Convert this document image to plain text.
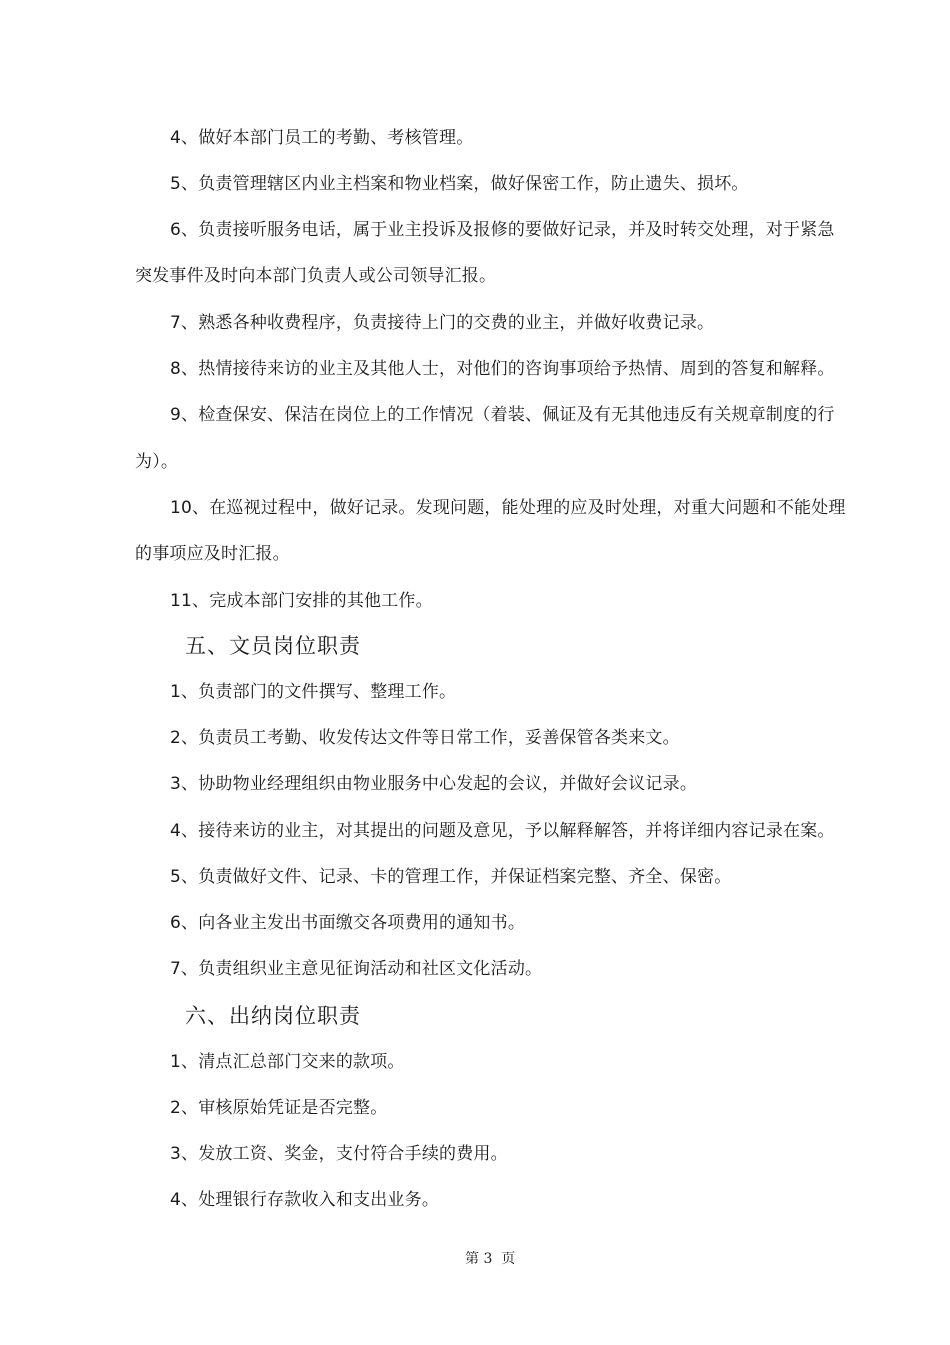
4、做好本部门员工的考勤、考核管理。
5、负责管理辖区内业主档案和物业档案，做好保密工作，防止遗失、损坏。
6、负责接听服务电话，属于业主投诉及报修的要做好记录，并及时转交处理，对于紧急
突发事件及时向本部门负责人或公司领导汇报。
7、熟悉各种收费程序，负责接待上门的交费的业主，并做好收费记录。
8、热情接待来访的业主及其他人士，对他们的咨询事项给予热情、周到的答复和解释。
9、检查保安、保洁在岗位上的工作情况（着装、佩证及有无其他违反有关规章制度的行
为）。
10、在巡视过程中，做好记录。发现问题，能处理的应及时处理，对重大问题和不能处理
的事项应及时汇报。
11、完成本部门安排的其他工作。
五、文员岗位职责
1、负责部门的文件撰写、整理工作。
2、负责员工考勤、收发传达文件等日常工作，妥善保管各类来文。
3、协助物业经理组织由物业服务中心发起的会议，并做好会议记录。
4、接待来访的业主，对其提出的问题及意见，予以解释解答，并将详细内容记录在案。
5、负责做好文件、记录、卡的管理工作，并保证档案完整、齐全、保密。
6、向各业主发出书面缴交各项费用的通知书。
7、负责组织业主意见征询活动和社区文化活动。
六、出纳岗位职责
1、清点汇总部门交来的款项。
2、审核原始凭证是否完整。
3、发放工资、奖金，支付符合手续的费用。
4、处理银行存款收入和支出业务。
第 3  页
